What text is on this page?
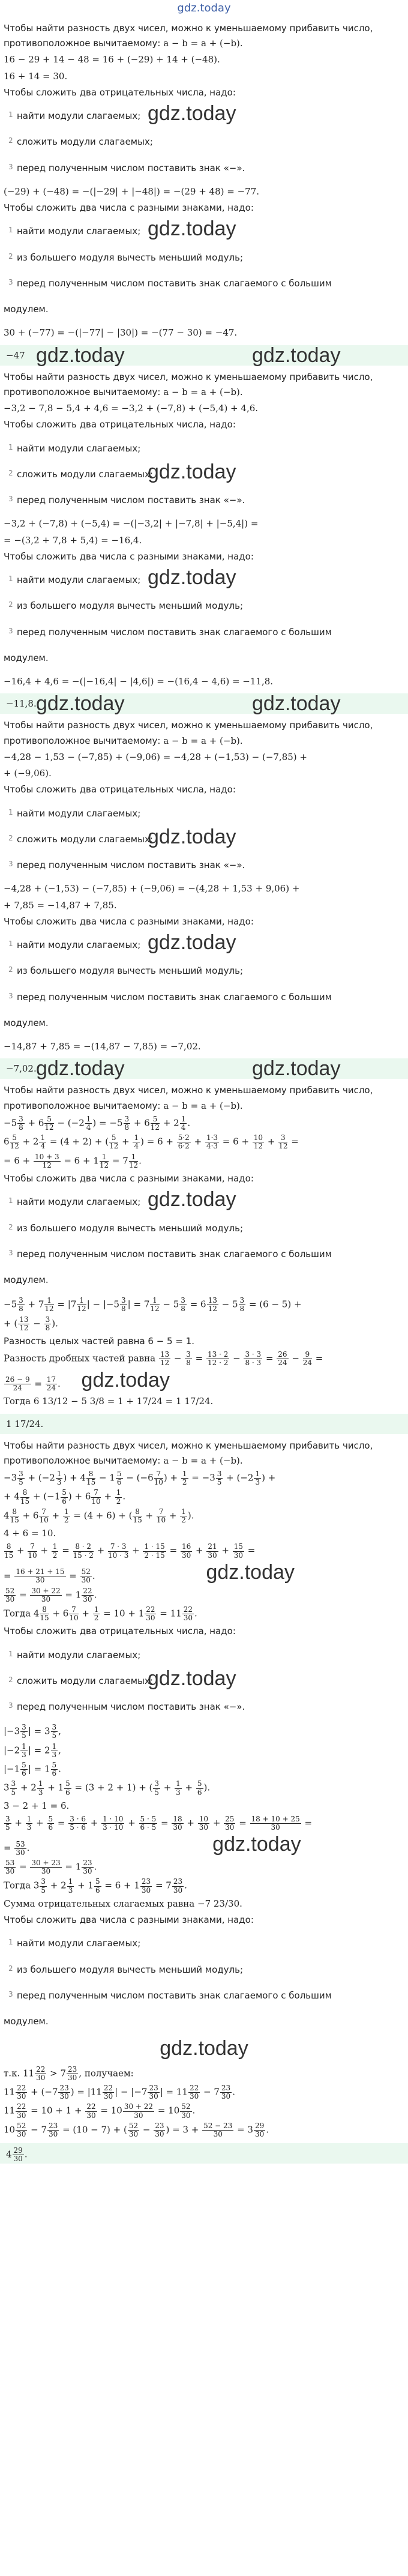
gdz.today

Чтобы найти разность двух чисел, можно к уменьшаемому прибавить число,

противоположное вычитаемому: a − b = a + (−b).

16 − 29 + 14 − 48 = 16 + (−29) + 14 + (−48).

16 + 14 = 30.

Чтобы сложить два отрицательных числа, надо:

1 найти модули слагаемых; gdz.today
2 сложить модули слагаемых;
3 перед полученным числом поставить знак «−».

(−29) + (−48) = −(|−29| + |−48|) = −(29 + 48) = −77.

Чтобы сложить два числа с разными знаками, надо:

1 найти модули слагаемых; gdz.today
2 из большего модуля вычесть меньший модуль;
3 перед полученным числом поставить знак слагаемого с большим
модулем.

30 + (−77) = −(|−77| − |30|) = −(77 − 30) = −47.

−47 gdz.today	gdz.today

Чтобы найти разность двух чисел, можно к уменьшаемому прибавить число,

противоположное вычитаемому: a − b = a + (−b).

−3,2 − 7,8 − 5,4 + 4,6 = −3,2 + (−7,8) + (−5,4) + 4,6.

Чтобы сложить два отрицательных числа, надо:

1 найти модули слагаемых;
2 сложить модули слагаемых;
gdz.today
3 перед полученным числом поставить знак «−».

−3,2 + (−7,8) + (−5,4) = −(|−3,2| + |−7,8| + |−5,4|) =

= −(3,2 + 7,8 + 5,4) = −16,4.

Чтобы сложить два числа с разными знаками, надо:

1 найти модули слагаемых; gdz.today
2 из большего модуля вычесть меньший модуль;
3 перед полученным числом поставить знак слагаемого с большим
модулем.

−16,4 + 4,6 = −(|−16,4| − |4,6|) = −(16,4 − 4,6) = −11,8.

−11,8. gdz.today	gdz.today

Чтобы найти разность двух чисел, можно к уменьшаемому прибавить число,

противоположное вычитаемому: a − b = a + (−b).

−4,28 − 1,53 − (−7,85) + (−9,06) = −4,28 + (−1,53) − (−7,85) +

+ (−9,06).

Чтобы сложить два отрицательных числа, надо:

1 найти модули слагаемых;
2 сложить модули слагаемых;
gdz.today
3 перед полученным числом поставить знак «−».

−4,28 + (−1,53) − (−7,85) + (−9,06) = −(4,28 + 1,53 + 9,06) +

+ 7,85 = −14,87 + 7,85.

Чтобы сложить два числа с разными знаками, надо:

1 найти модули слагаемых; gdz.today
2 из большего модуля вычесть меньший модуль;
3 перед полученным числом поставить знак слагаемого с большим
модулем.

−14,87 + 7,85 = −(14,87 − 7,85) = −7,02.

−7,02. gdz.today	gdz.today

Чтобы найти разность двух чисел, можно к уменьшаемому прибавить число,

противоположное вычитаемому: a − b = a + (−b).

$-5 \frac{3}{8} + 6 \frac{5}{12} - (-2 \frac{1}{4}$ ) = $-5 \frac{3}{8} + 6 \frac{5}{12} + 2 \frac{1}{4}$ .

$6 \frac{5}{12} + 2 \frac{1}{4} = (4 + 2)$ + ( $\frac{5}{12} + \frac{1}{4}$ ) = $6 + \frac{5\cdot 2}{6\cdot 2} + \frac{1\cdot 3}{4\cdot 3} = 6 + \frac{10}{12} + \frac{3}{12}$ =

= $6 + \frac{10 + 3}{12} = 6 + 1 \frac{1}{12} = 7 \frac{1}{12}$ .

Чтобы сложить два числа с разными знаками, надо:

1 найти модули слагаемых; gdz.today
2 из большего модуля вычесть меньший модуль;
3 перед полученным числом поставить знак слагаемого с большим
модулем.

$-5 \frac{3}{8} + 7 \frac{1}{12} = |7 \frac{1}{12}$ | − $|-5 \frac{3}{8}$ | = $7 \frac{1}{12} - 5 \frac{3}{8} = 6 \frac{13}{12} - 5 \frac{3}{8} = (6 - 5)$ +

+ ( $\frac{13}{12} - \frac{3}{8}$ ).

Разность целых частей равна 6 − 5 = 1.

Разность дробных частей равна $\frac{13}{12} - \frac{3}{8} = \frac{13 \cdot 2}{12 \cdot 2} - \frac{3 \cdot 3}{8 \cdot 3} = \frac{26}{24} - \frac{9}{24}$ =

$\frac{26 - 9}{24} = \frac{17}{24}$ . gdz.today

Тогда 6 13/12 − 5 3/8 = 1 + 17/24 = 1 17/24.

1 17/24.

Чтобы найти разность двух чисел, можно к уменьшаемому прибавить число,

противоположное вычитаемому: a − b = a + (−b).

$-3 \frac{3}{5} + (-2 \frac{1}{3}$ ) + $4 \frac{8}{15} - 1 \frac{5}{6} - (-6 \frac{7}{10}$ ) + $\frac{1}{2} = -3 \frac{3}{5} + (-2 \frac{1}{3}$ ) +

+ $4 \frac{8}{15} + (-1 \frac{5}{6}$ ) + $6 \frac{7}{10} + \frac{1}{2}$ .

$4 \frac{8}{15} + 6 \frac{7}{10} + \frac{1}{2} = (4 + 6)$ + ( $\frac{8}{15} + \frac{7}{10} + \frac{1}{2}$ ).

4 + 6 = 10.

$\frac{8}{15} + \frac{7}{10} + \frac{1}{2} = \frac{8 \cdot 2}{15 \cdot 2} + \frac{7 \cdot 3}{10 \cdot 3} + \frac{1 \cdot 15}{2 \cdot 15} = \frac{16}{30} + \frac{21}{30} + \frac{15}{30}$ =

= $\frac{16 + 21 + 15}{30} = \frac{52}{30}$ .	gdz.today

$\frac{52}{30} = \frac{30 + 22}{30} = 1 \frac{22}{30}$ .

Тогда $4 \frac{8}{15} + 6 \frac{7}{10} + \frac{1}{2} = 10 + 1 \frac{22}{30} = 11 \frac{22}{30}$ .

Чтобы сложить два отрицательных числа, надо:

1 найти модули слагаемых;
2 сложить модули слагаемых;
gdz.today
3 перед полученным числом поставить знак «−».

$|-3 \frac{3}{5}$ | = $3 \frac{3}{5}$ ,

$|-2 \frac{1}{3}$ | = $2 \frac{1}{3}$ ,

$|-1 \frac{5}{6}$ | = $1 \frac{5}{6}$ .

$3 \frac{3}{5} + 2 \frac{1}{3} + 1 \frac{5}{6} = (3 + 2 + 1)$ + ( $\frac{3}{5} + \frac{1}{3} + \frac{5}{6}$ ).

3 − 2 + 1 = 6.

$\frac{3}{5} + \frac{1}{3} + \frac{5}{6} = \frac{3 \cdot 6}{5 \cdot 6} + \frac{1 \cdot 10}{3 \cdot 10} + \frac{5 \cdot 5}{6 \cdot 5} = \frac{18}{30} + \frac{10}{30} + \frac{25}{30} = \frac{18 + 10 + 25}{30}$ =

= $\frac{53}{30}$ .	gdz.today

$\frac{53}{30} = \frac{30 + 23}{30} = 1 \frac{23}{30}$ .

Тогда $3 \frac{3}{5} + 2 \frac{1}{3} + 1 \frac{5}{6} = 6 + 1 \frac{23}{30} = 7 \frac{23}{30}$ .

Сумма отрицательных слагаемых равна −7 23/30.

Чтобы сложить два числа с разными знаками, надо:

1 найти модули слагаемых;
2 из большего модуля вычесть меньший модуль;
3 перед полученным числом поставить знак слагаемого с большим
модулем.
gdz.today

т.к. $11 \frac{22}{30} > 7 \frac{23}{30}$ , получаем:

$11 \frac{22}{30} + (-7 \frac{23}{30}$ ) = $|11 \frac{22}{30}$ | − $|-7 \frac{23}{30}$ | = $11 \frac{22}{30} - 7 \frac{23}{30}$ .

$11 \frac{22}{30} = 10 + 1 + \frac{22}{30} = 10 \frac{30 + 22}{30} = 10 \frac{52}{30}$ .

$10 \frac{52}{30} - 7 \frac{23}{30} = (10 - 7)$ + ( $\frac{52}{30} - \frac{23}{30}$ ) = $3 + \frac{52 - 23}{30} = 3 \frac{29}{30}$ .

$4 \frac{29}{30}$ .
